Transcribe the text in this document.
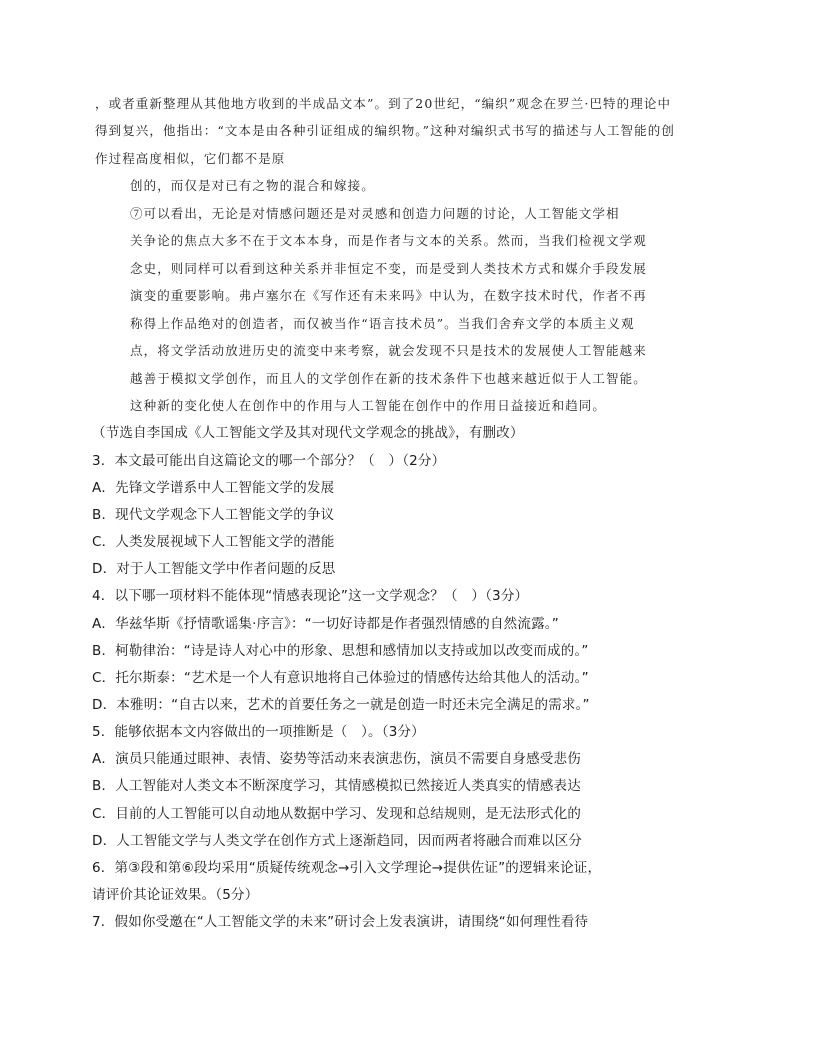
，或者重新整理从其他地方收到的半成品文本”。到了20世纪，“编织”观念在罗兰·巴特的理论中
得到复兴，他指出：“文本是由各种引证组成的编织物。”这种对编织式书写的描述与人工智能的创
作过程高度相似，它们都不是原
创的，而仅是对已有之物的混合和嫁接。
⑦可以看出，无论是对情感问题还是对灵感和创造力问题的讨论，人工智能文学相
关争论的焦点大多不在于文本本身，而是作者与文本的关系。然而，当我们检视文学观
念史，则同样可以看到这种关系并非恒定不变，而是受到人类技术方式和媒介手段发展
演变的重要影响。弗卢塞尔在《写作还有未来吗》中认为，在数字技术时代，作者不再
称得上作品绝对的创造者，而仅被当作“语言技术员”。当我们舍弃文学的本质主义观
点，将文学活动放进历史的流变中来考察，就会发现不只是技术的发展使人工智能越来
越善于模拟文学创作，而且人的文学创作在新的技术条件下也越来越近似于人工智能。
这种新的变化使人在创作中的作用与人工智能在创作中的作用日益接近和趋同。
（节选自李国成《人工智能文学及其对现代文学观念的挑战》，有删改）
3．本文最可能出自这篇论文的哪一个部分？（　）（2分）
A．先锋文学谱系中人工智能文学的发展
B．现代文学观念下人工智能文学的争议
C．人类发展视域下人工智能文学的潜能
D．对于人工智能文学中作者问题的反思
4．以下哪一项材料不能体现“情感表现论”这一文学观念？（　）（3分）
A．华兹华斯《抒情歌谣集·序言》：“一切好诗都是作者强烈情感的自然流露。”
B．柯勒律治：“诗是诗人对心中的形象、思想和感情加以支持或加以改变而成的。”
C．托尔斯泰：“艺术是一个人有意识地将自己体验过的情感传达给其他人的活动。”
D．本雅明：“自古以来，艺术的首要任务之一就是创造一时还未完全满足的需求。”
5．能够依据本文内容做出的一项推断是（　）。（3分）
A．演员只能通过眼神、表情、姿势等活动来表演悲伤，演员不需要自身感受悲伤
B．人工智能对人类文本不断深度学习，其情感模拟已然接近人类真实的情感表达
C．目前的人工智能可以自动地从数据中学习、发现和总结规则，是无法形式化的
D．人工智能文学与人类文学在创作方式上逐渐趋同，因而两者将融合而难以区分
6．第③段和第⑥段均采用“质疑传统观念→引入文学理论→提供佐证”的逻辑来论证，
请评价其论证效果。（5分）
7．假如你受邀在“人工智能文学的未来”研讨会上发表演讲，请围绕“如何理性看待
